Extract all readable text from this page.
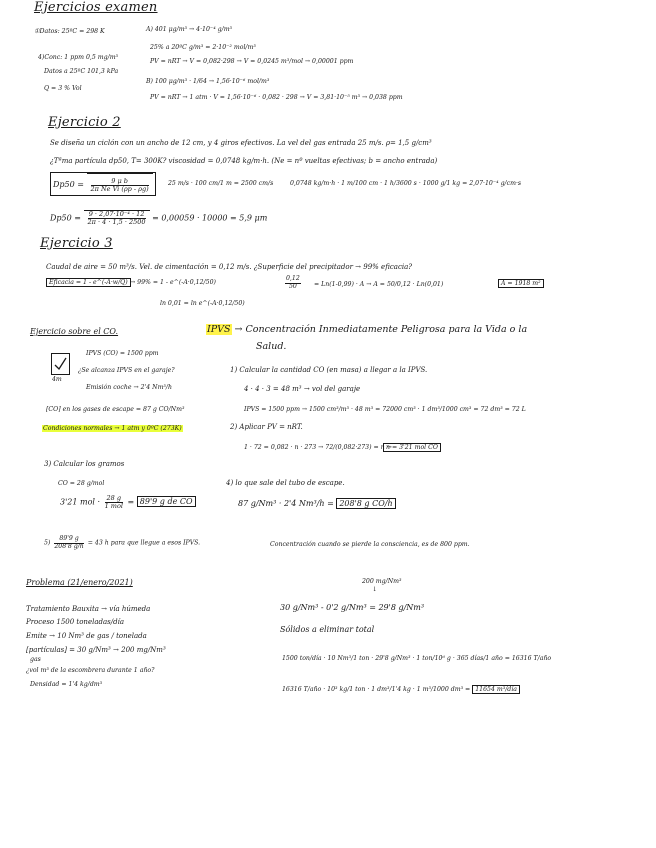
Ejercicios examen
①Datos: 25ºC = 298 K
4)Conc: 1 ppm 0,5 mg/m³
Datos a 25ºC 101,3 kPa
Q = 3 % Vol
A) 401 μg/m³ → 4·10⁻⁴ g/m³
25% a 20ºC g/m³ = 2·10⁻² mol/m³
PV = nRT → V = 0,082·298 → V = 0,0245 m³/mol → 0,00001 ppm
B) 100 μg/m³ · 1/64 → 1,56·10⁻⁶ mol/m³
PV = nRT → 1 atm · V = 1,56·10⁻⁶ · 0,082 · 298 → V = 3,81·10⁻⁵ m³ → 0,038 ppm
Ejercicio 2
Se diseña un ciclón con un ancho de 12 cm, y 4 giros efectivos. La vel del gas entrada 25 m/s. ρ= 1,5 g/cm³
¿Tªma partícula dp50, T= 300K? viscosidad = 0,0748 kg/m·h. (Ne = nº vueltas efectivas; b = ancho entrada)
$Dp50 = \frac{\text{9 μ b}}{\text{2π Ne Vi (ρp - ρg)}}$	25 m/s · 100 cm/1 m = 2500 cm/s	0,0748 kg/m·h · 1 m/100 cm · 1 h/3600 s · 1000 g/1 kg = 2,07·10⁻⁴ g/cm·s
$Dp50 = \frac{\text{9 · 2,07·10⁻⁴ · 12}}{2\pi \cdot 4 \cdot 1,5 \cdot 2500} = 0,00059 \cdot 10000 = 5,9$ μm
Ejercicio 3
Caudal de aire = 50 m³/s. Vel. de cimentación = 0,12 m/s. ¿Superficie del precipitador → 99% eficacia?
Eficacia = 1 - e^(-A·w/Q) → 99% = 1 - e^(-A·0,12/50)
ln 0,01 = ln e^(-A·0,12/50)
$\frac{0,12}{50} = Ln(1-0,99) \cdot A \to A = 50/0,12 \cdot Ln(0,01)$	A = 1918 m²
Ejercicio sobre el CO.	IPVS → Concentración Inmediatamente Peligrosa para la Vida o la
Salud.
IPVS (CO) = 1500 ppm
4m
¿Se alcanza IPVS en el garaje?
Emisión coche → 2'4 Nm³/h
[CO] en los gases de escape = 87 g CO/Nm³
Condiciones normales → 1 atm y 0ºC (273K)
1) Calcular la cantidad CO (en masa) a llegar a la IPVS.
4 · 4 · 3 = 48 m³ → vol del garaje
IPVS = 1500 ppm → 1500 cm³/m³ · 48 m³ = 72000 cm³ · 1 dm³/1000 cm³ = 72 dm³ = 72 L
2) Aplicar PV = nRT.
1 · 72 = 0,082 · n · 273 → 72/(0,082·273) = n →
n = 3'21 mol CO
3) Calcular los gramos
CO = 28 g/mol
3'21 mol · $\frac{28 g}{\text{1 mol}} = 89'9$ g de CO
4) lo que sale del tubo de escape.
87 g/Nm³ · 2'4 Nm³/h = 208'8 g CO/h
$5) \frac{89'9 g}{208'8 g/h} = 43$ h para que llegue a esos IPVS.	Concentración cuando se pierde la consciencia, es de 800 ppm.
Problema (21/enero/2021)
Tratamiento Bauxita → vía húmeda
Proceso 1500 toneladas/día
Emite → 10 Nm³ de gas / tonelada
[partículas] = 30 g/Nm³ → 200 mg/Nm³
gas
¿vol m³ de la escombrera durante 1 año?
Densidad = 1'4 kg/dm³
200 mg/Nm³
↓
30 g/Nm³ - 0'2 g/Nm³ = 29'8 g/Nm³
Sólidos a eliminar total
1500 ton/día · 10 Nm³/1 ton · 29'8 g/Nm³ · 1 ton/10⁶ g · 365 días/1 año = 16316 T/año
16316 T/año · 10³ kg/1 ton · 1 dm³/1'4 kg · 1 m³/1000 dm³ = 11654 m³/día
